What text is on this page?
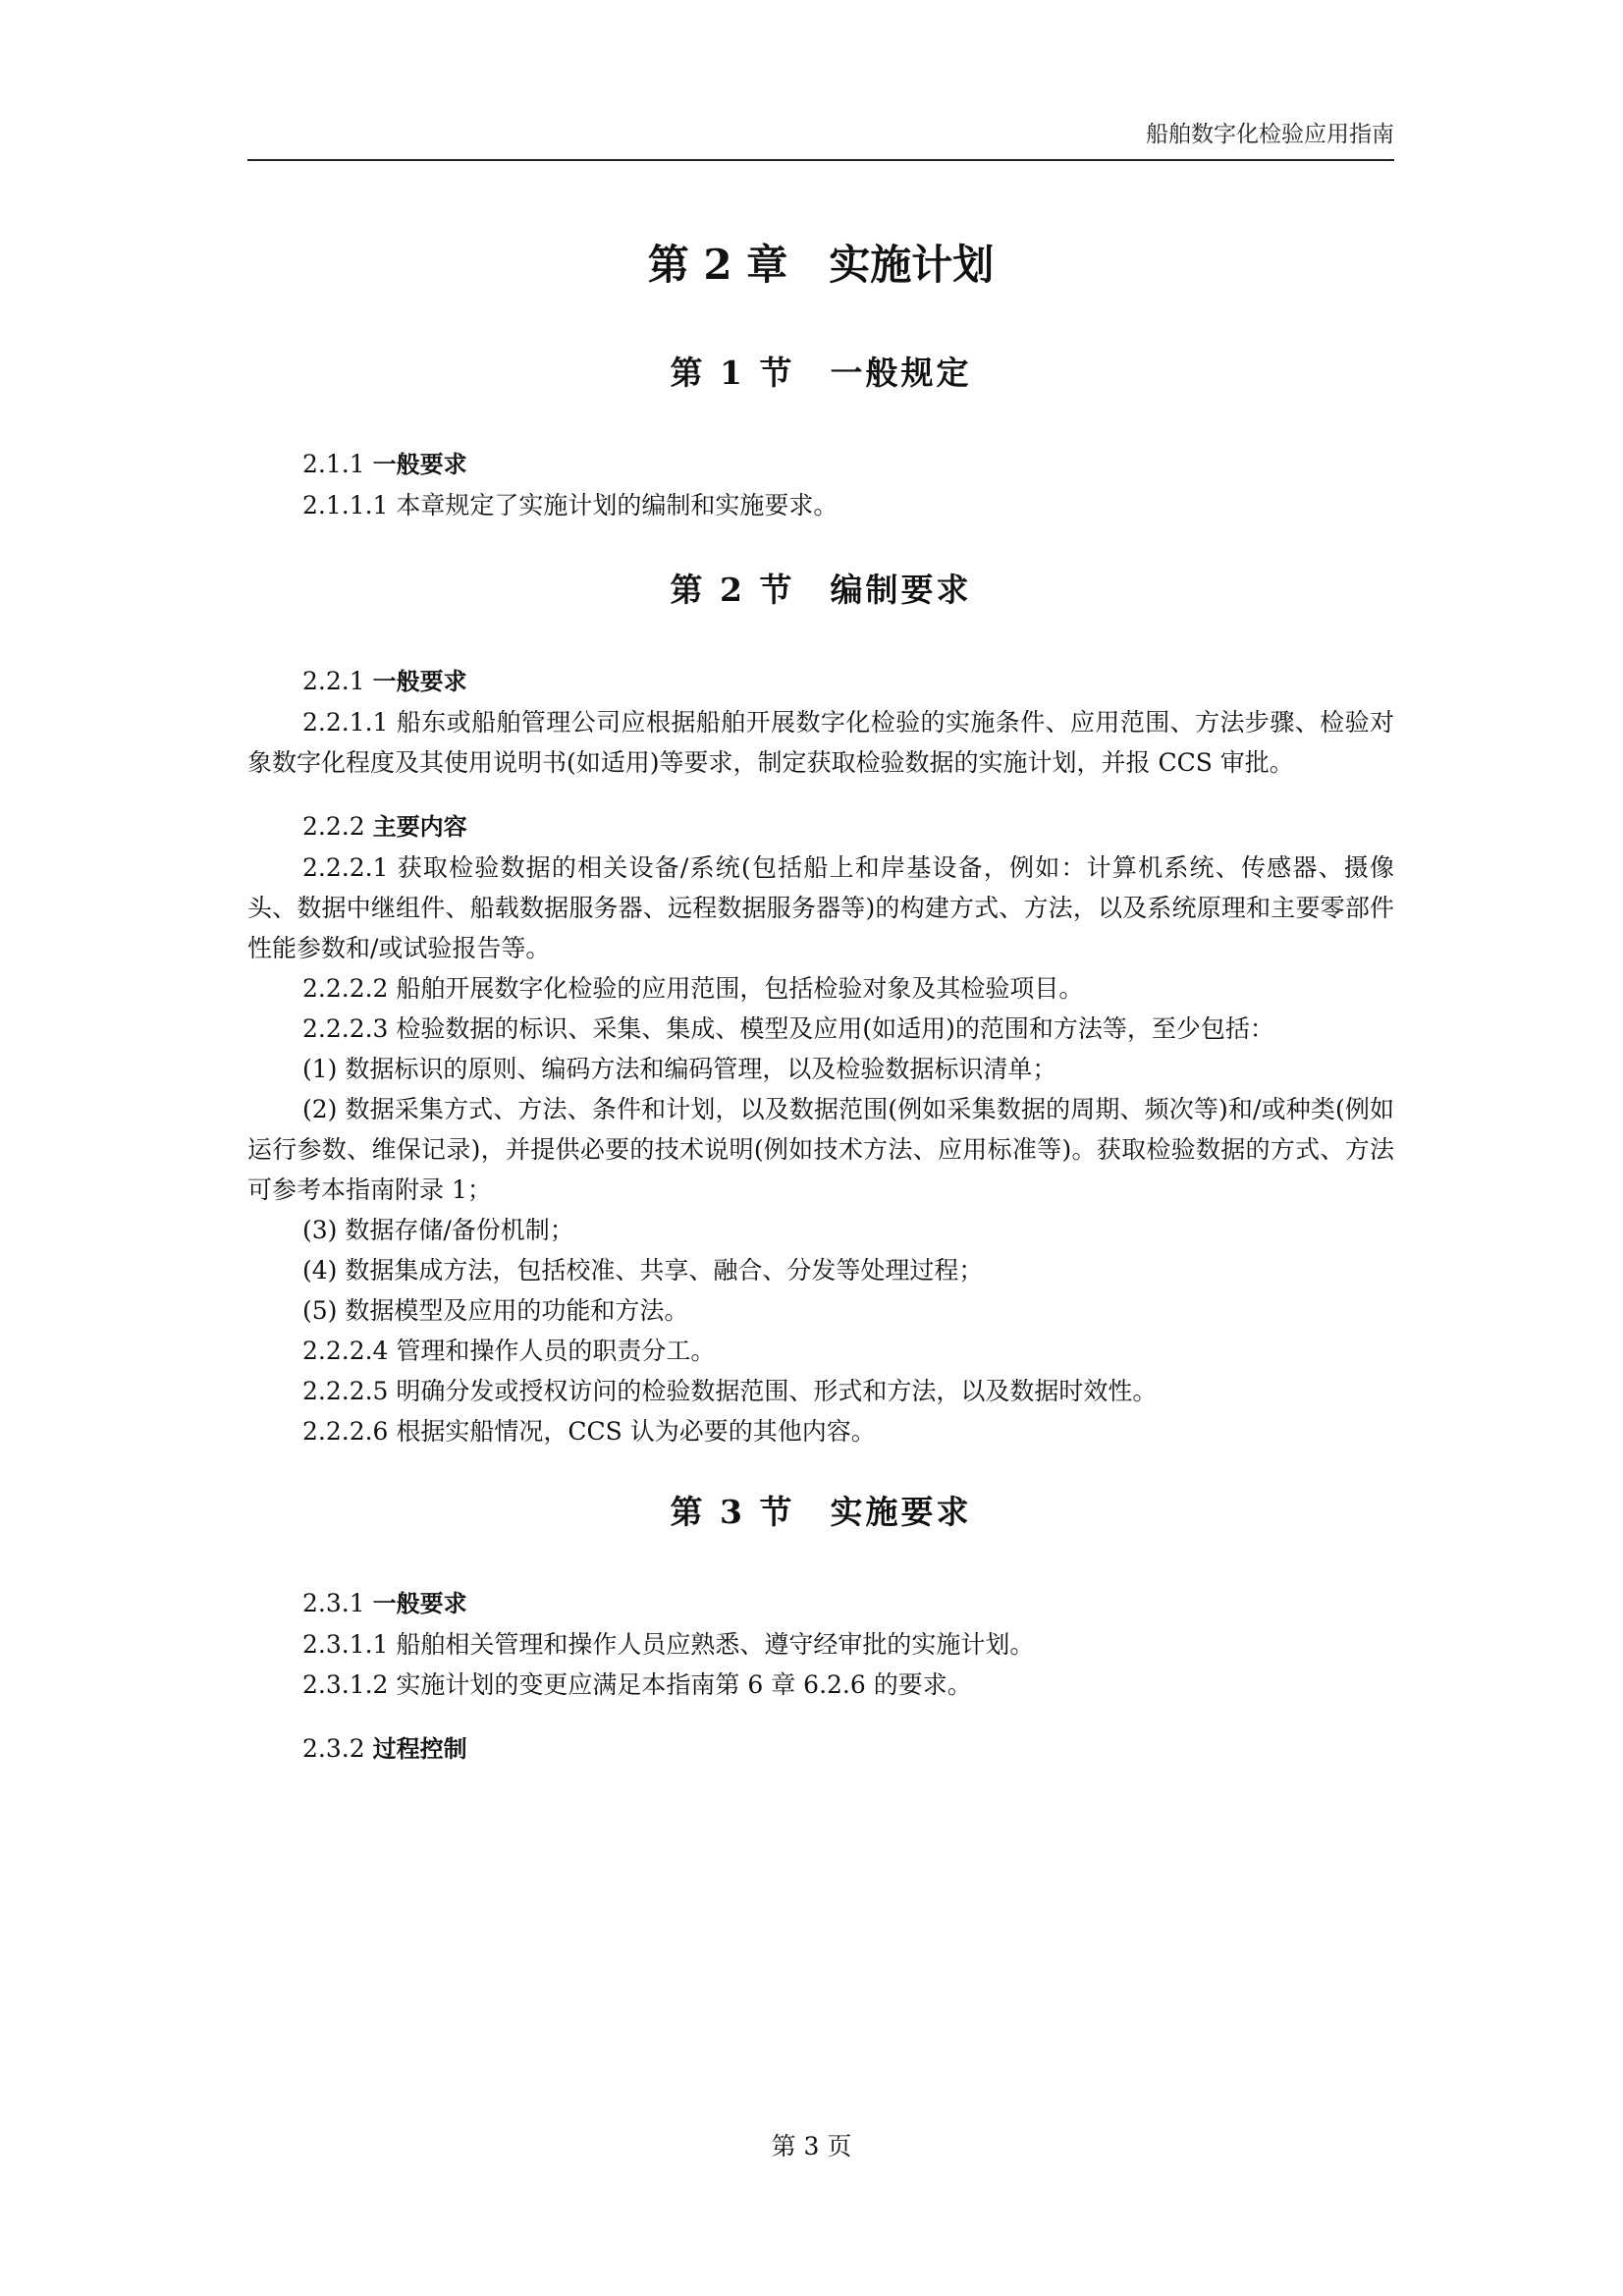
船舶数字化检验应用指南
第 2 章　实施计划
第 1 节　一般规定

2.1.1 一般要求

2.1.1.1 本章规定了实施计划的编制和实施要求。

第 2 节　编制要求

2.2.1 一般要求

2.2.1.1 船东或船舶管理公司应根据船舶开展数字化检验的实施条件、应用范围、方法步骤、检验对象数字化程度及其使用说明书(如适用)等要求，制定获取检验数据的实施计划，并报 CCS 审批。

2.2.2 主要内容

2.2.2.1 获取检验数据的相关设备/系统(包括船上和岸基设备，例如：计算机系统、传感器、摄像头、数据中继组件、船载数据服务器、远程数据服务器等)的构建方式、方法，以及系统原理和主要零部件性能参数和/或试验报告等。

2.2.2.2 船舶开展数字化检验的应用范围，包括检验对象及其检验项目。

2.2.2.3 检验数据的标识、采集、集成、模型及应用(如适用)的范围和方法等，至少包括：

(1) 数据标识的原则、编码方法和编码管理，以及检验数据标识清单；

(2) 数据采集方式、方法、条件和计划，以及数据范围(例如采集数据的周期、频次等)和/或种类(例如运行参数、维保记录)，并提供必要的技术说明(例如技术方法、应用标准等)。获取检验数据的方式、方法可参考本指南附录 1；

(3) 数据存储/备份机制；

(4) 数据集成方法，包括校准、共享、融合、分发等处理过程；

(5) 数据模型及应用的功能和方法。

2.2.2.4 管理和操作人员的职责分工。

2.2.2.5 明确分发或授权访问的检验数据范围、形式和方法，以及数据时效性。

2.2.2.6 根据实船情况，CCS 认为必要的其他内容。

第 3 节　实施要求

2.3.1 一般要求

2.3.1.1 船舶相关管理和操作人员应熟悉、遵守经审批的实施计划。

2.3.1.2 实施计划的变更应满足本指南第 6 章 6.2.6 的要求。

2.3.2 过程控制

第 3 页
